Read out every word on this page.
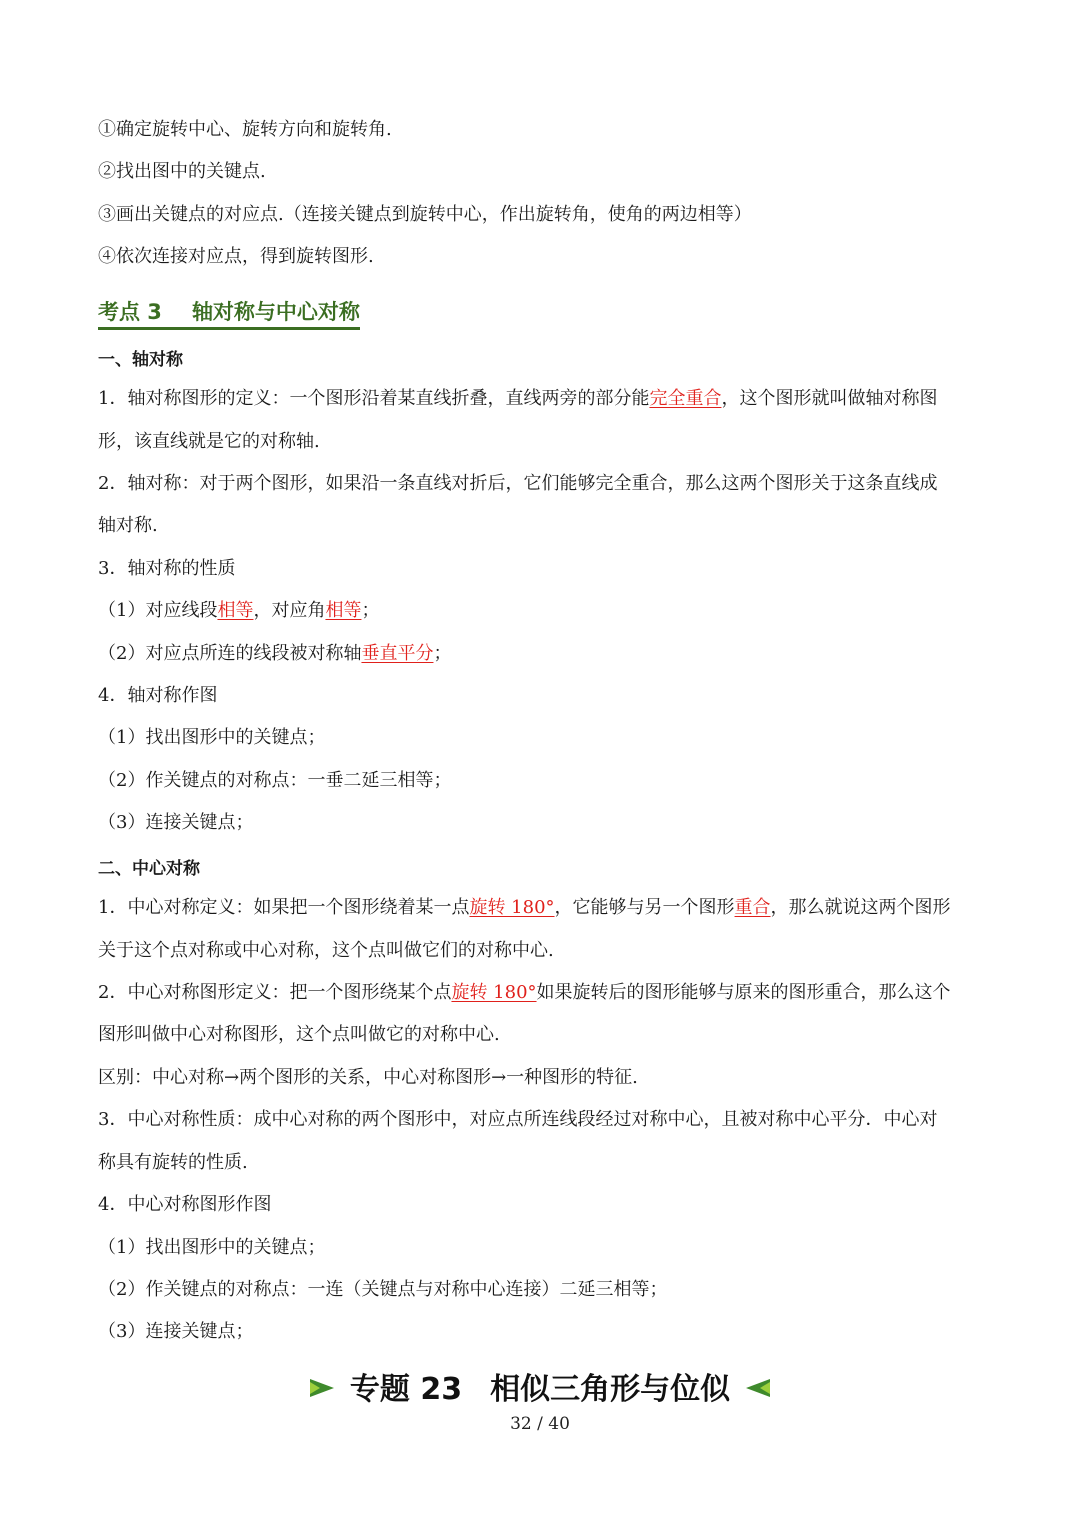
①确定旋转中心、旋转方向和旋转角.
②找出图中的关键点.
③画出关键点的对应点.（连接关键点到旋转中心，作出旋转角，使角的两边相等）
④依次连接对应点，得到旋转图形.
考点 3 轴对称与中心对称
一、轴对称
1．轴对称图形的定义：一个图形沿着某直线折叠，直线两旁的部分能完全重合，这个图形就叫做轴对称图
形，该直线就是它的对称轴.
2．轴对称：对于两个图形，如果沿一条直线对折后，它们能够完全重合，那么这两个图形关于这条直线成
轴对称.
3．轴对称的性质
（1）对应线段相等，对应角相等；
（2）对应点所连的线段被对称轴垂直平分；
4．轴对称作图
（1）找出图形中的关键点；
（2）作关键点的对称点：一垂二延三相等；
（3）连接关键点；
二、中心对称
1．中心对称定义：如果把一个图形绕着某一点旋转 180°，它能够与另一个图形重合，那么就说这两个图形
关于这个点对称或中心对称，这个点叫做它们的对称中心.
2．中心对称图形定义：把一个图形绕某个点旋转 180°如果旋转后的图形能够与原来的图形重合，那么这个
图形叫做中心对称图形，这个点叫做它的对称中心.
区别：中心对称→两个图形的关系，中心对称图形→一种图形的特征.
3．中心对称性质：成中心对称的两个图形中，对应点所连线段经过对称中心，且被对称中心平分．中心对
称具有旋转的性质.
4．中心对称图形作图
（1）找出图形中的关键点；
（2）作关键点的对称点：一连（关键点与对称中心连接）二延三相等；
（3）连接关键点；
专题 23 相似三角形与位似
32 / 40
